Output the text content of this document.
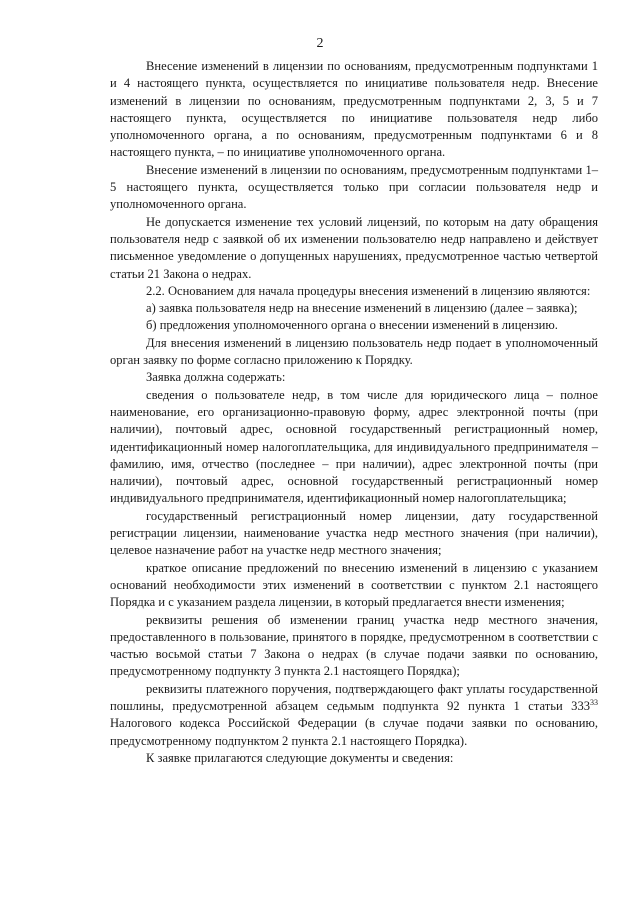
2

Внесение изменений в лицензии по основаниям, предусмотренным подпунктами 1 и 4 настоящего пункта, осуществляется по инициативе пользователя недр. Внесение изменений в лицензии по основаниям, предусмотренным подпунктами 2, 3, 5 и 7 настоящего пункта, осуществляется по инициативе пользователя недр либо уполномоченного органа, а по основаниям, предусмотренным подпунктами 6 и 8 настоящего пункта, – по инициативе уполномоченного органа.

Внесение изменений в лицензии по основаниям, предусмотренным подпунктами 1–5 настоящего пункта, осуществляется только при согласии пользователя недр и уполномоченного органа.

Не допускается изменение тех условий лицензий, по которым на дату обращения пользователя недр с заявкой об их изменении пользователю недр направлено и действует письменное уведомление о допущенных нарушениях, предусмотренное частью четвертой статьи 21 Закона о недрах.

2.2. Основанием для начала процедуры внесения изменений в лицензию являются:

а) заявка пользователя недр на внесение изменений в лицензию (далее – заявка);

б) предложения уполномоченного органа о внесении изменений в лицензию.

Для внесения изменений в лицензию пользователь недр подает в уполномоченный орган заявку по форме согласно приложению к Порядку.

Заявка должна содержать:

сведения о пользователе недр, в том числе для юридического лица – полное наименование, его организационно-правовую форму, адрес электронной почты (при наличии), почтовый адрес, основной государственный регистрационный номер, идентификационный номер налогоплательщика, для индивидуального предпринимателя – фамилию, имя, отчество (последнее – при наличии), адрес электронной почты (при наличии), почтовый адрес, основной государственный регистрационный номер индивидуального предпринимателя, идентификационный номер налогоплательщика;

государственный регистрационный номер лицензии, дату государственной регистрации лицензии, наименование участка недр местного значения (при наличии), целевое назначение работ на участке недр местного значения;

краткое описание предложений по внесению изменений в лицензию с указанием оснований необходимости этих изменений в соответствии с пунктом 2.1 настоящего Порядка и с указанием раздела лицензии, в который предлагается внести изменения;

реквизиты решения об изменении границ участка недр местного значения, предоставленного в пользование, принятого в порядке, предусмотренном в соответствии с частью восьмой статьи 7 Закона о недрах (в случае подачи заявки по основанию, предусмотренному подпункту 3 пункта 2.1 настоящего Порядка);

реквизиты платежного поручения, подтверждающего факт уплаты государственной пошлины, предусмотренной абзацем седьмым подпункта 92 пункта 1 статьи $333^{33}$ Налогового кодекса Российской Федерации (в случае подачи заявки по основанию, предусмотренному подпунктом 2 пункта 2.1 настоящего Порядка).

К заявке прилагаются следующие документы и сведения:
